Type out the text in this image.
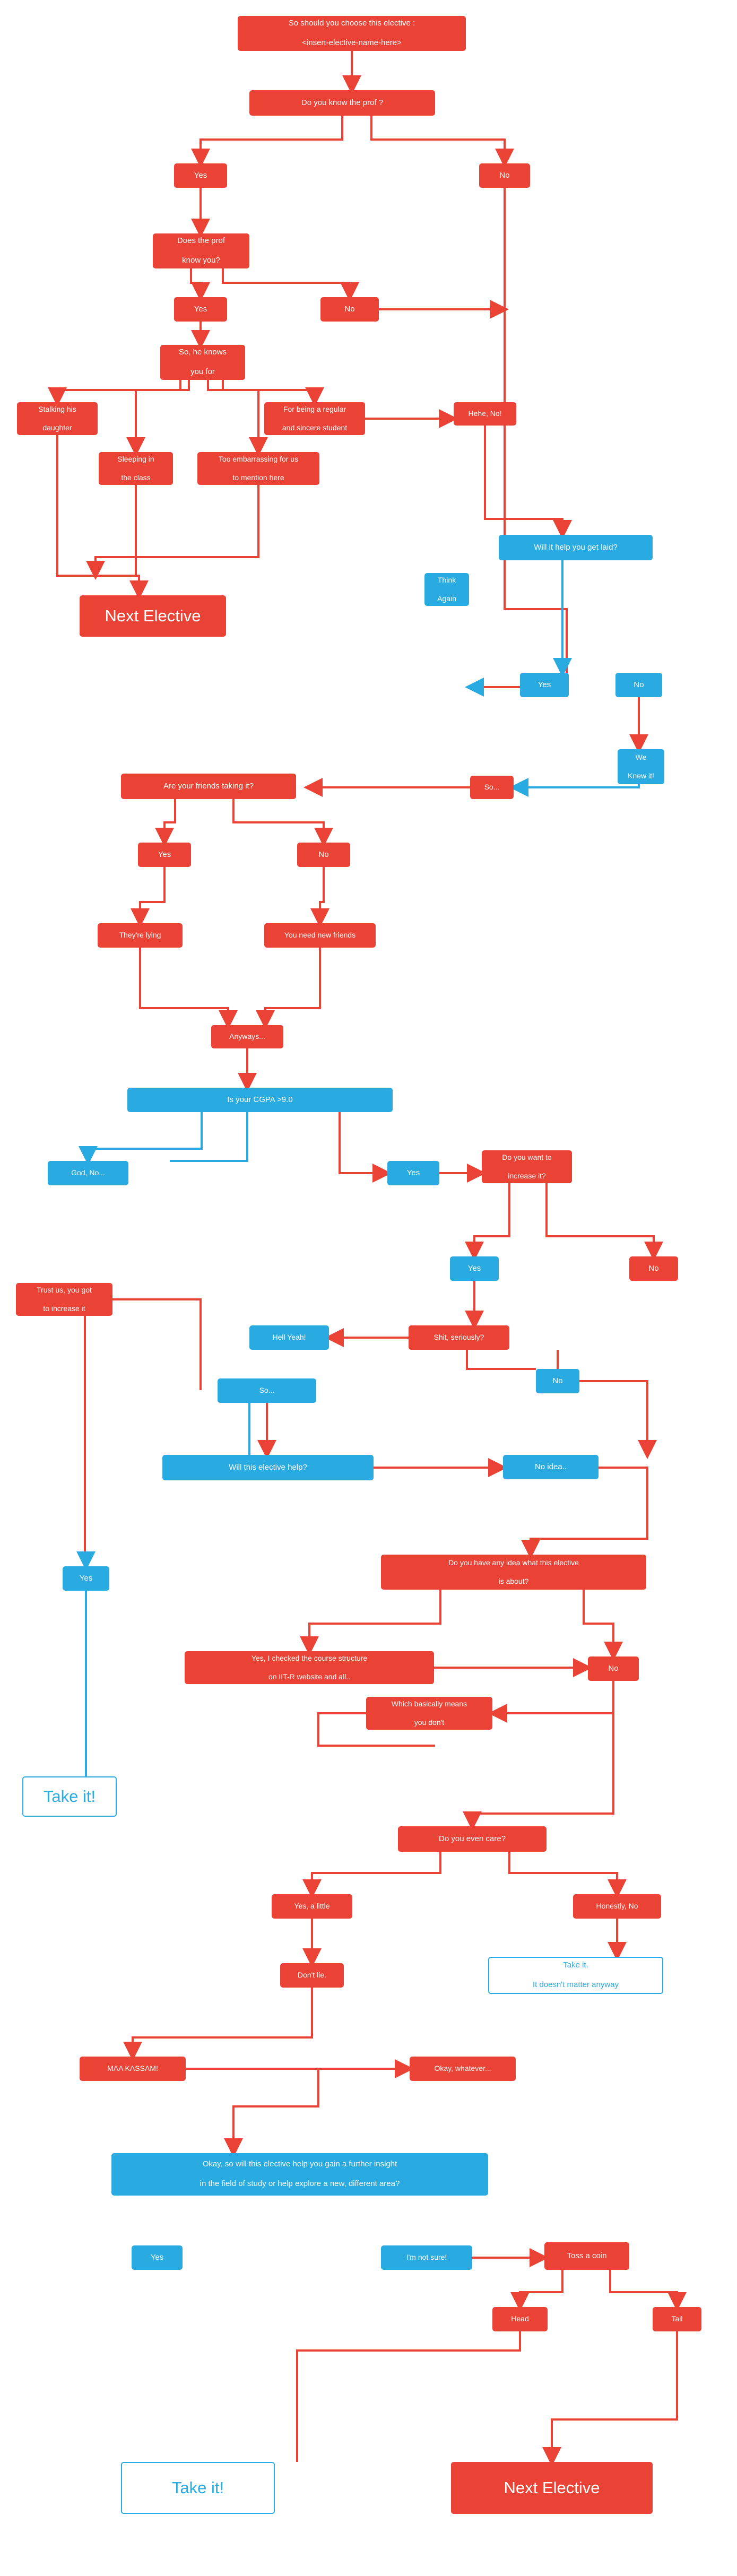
So should you choose this elective :

<insert-elective-name-here>
Do you know the prof ?
Yes	No
Does the prof

know you?
Yes	No
So, he knows

you for
Stalking his

daughter
For being a regular

and sincere student
Hehe, No!
Sleeping in

the class
Too embarrassing for us

to mention here
Next Elective
Will it help you get laid?
Think

Again
Yes	No
We

Knew it!
So...
Are your friends taking it?
Yes	No
They're lying	You need new friends
Anyways...
Is your CGPA >9.0
God, No...	Yes
Do you want to

increase it?
Yes	No
Trust us, you got

to increase it
Hell Yeah!	Shit, seriously?
So...
No
Will this elective help?	No idea..
Yes
Do you have any idea what this elective

is about?
Yes, I checked the course structure

on IIT-R website and all..
No
Which basically means

you don't
Do you even care?
Take it!
Yes, a little	Honestly, No
Don't lie.
Take it.

It doesn't matter anyway
MAA KASSAM!	Okay, whatever...
Okay, so will this elective help you gain a further insight

in the field of study or help explore a new, different area?
Yes	I'm not sure!	Toss a coin
Head	Tail
Take it!	Next Elective
